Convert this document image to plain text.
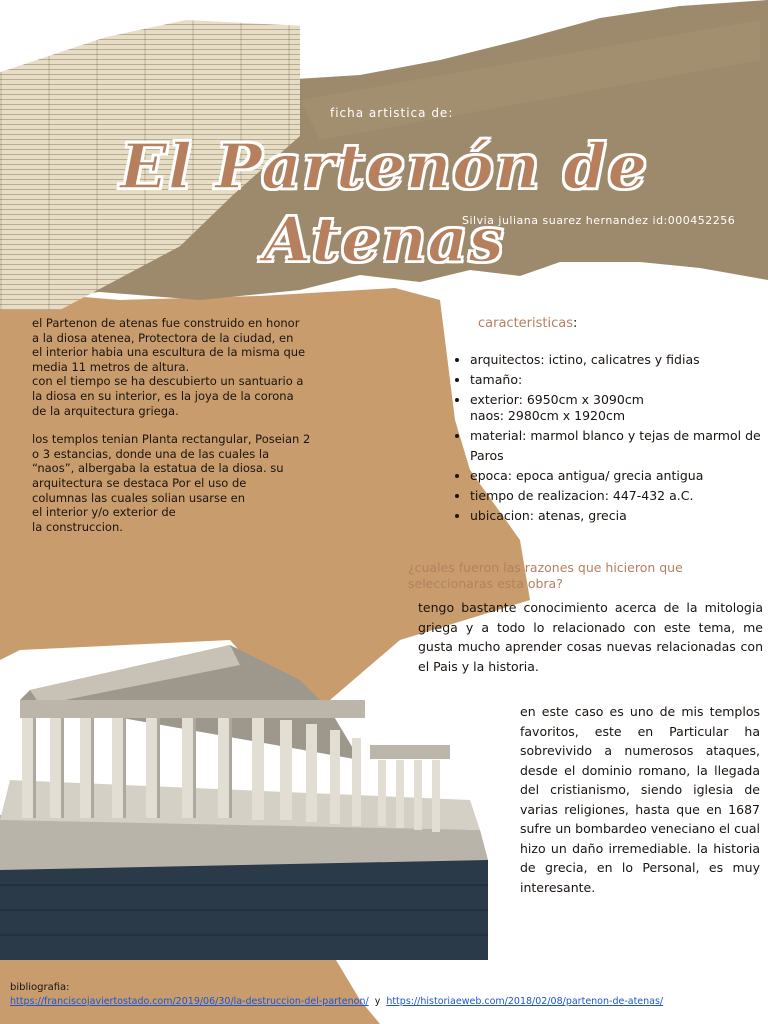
ficha artistica de:
El Partenón de Atenas
Silvia juliana suarez hernandez id:000452256

el Partenon de atenas fue construido en honor
a la diosa atenea, Protectora de la ciudad, en
el interior habia una escultura de la misma que
media 11 metros de altura.
con el tiempo se ha descubierto un santuario a
la diosa en su interior, es la joya de la corona
de la arquitectura griega.

los templos tenian Planta rectangular, Poseian 2
o 3 estancias, donde una de las cuales la
“naos”, albergaba la estatua de la diosa. su
arquitectura se destaca Por el uso de
columnas las cuales solian usarse en
el interior y/o exterior de
la construccion.

caracteristicas:
• arquitectos: ictino, calicatres y fidias
• tamaño:
• exterior: 6950cm x 3090cm
naos: 2980cm x 1920cm
• material: marmol blanco y tejas de marmol de Paros
• epoca: epoca antigua/ grecia antigua
• tiempo de realizacion: 447-432 a.C.
• ubicacion: atenas, grecia
¿cuales fueron las razones que hicieron que seleccionaras esta obra?
tengo bastante conocimiento acerca de la mitologia griega y a todo lo relacionado con este tema, me gusta mucho aprender cosas nuevas relacionadas con el Pais y la historia.
en este caso es uno de mis templos favoritos, este en Particular ha sobrevivido a numerosos ataques, desde el dominio romano, la llegada del cristianismo, siendo iglesia de varias religiones, hasta que en 1687 sufre un bombardeo veneciano el cual hizo un daño irremediable. la historia de grecia, en lo Personal, es muy interesante.
bibliografia:
https://franciscojaviertostado.com/2019/06/30/la-destruccion-del-partenon/ y https://historiaeweb.com/2018/02/08/partenon-de-atenas/
